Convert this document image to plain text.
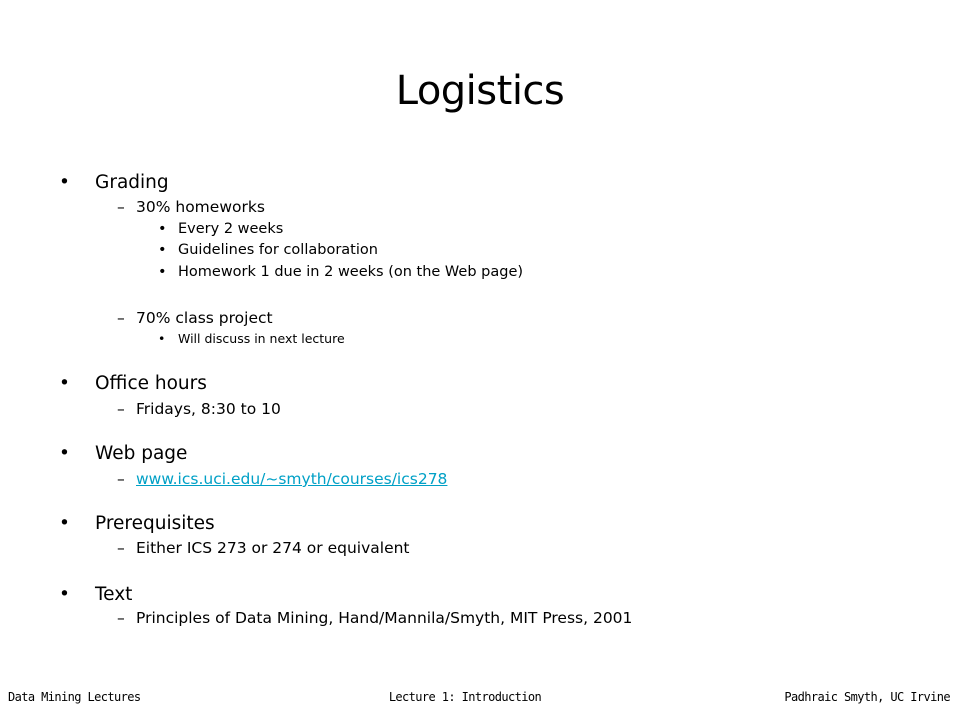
Logistics
• Grading
– 30% homeworks
• Every 2 weeks
• Guidelines for collaboration
• Homework 1 due in 2 weeks (on the Web page)
– 70% class project
• Will discuss in next lecture
• Office hours
– Fridays, 8:30 to 10
• Web page
– www.ics.uci.edu/~smyth/courses/ics278
• Prerequisites
– Either ICS 273 or 274 or equivalent
• Text
– Principles of Data Mining, Hand/Mannila/Smyth, MIT Press, 2001
Data Mining Lectures	Lecture 1: Introduction	Padhraic Smyth, UC Irvine
